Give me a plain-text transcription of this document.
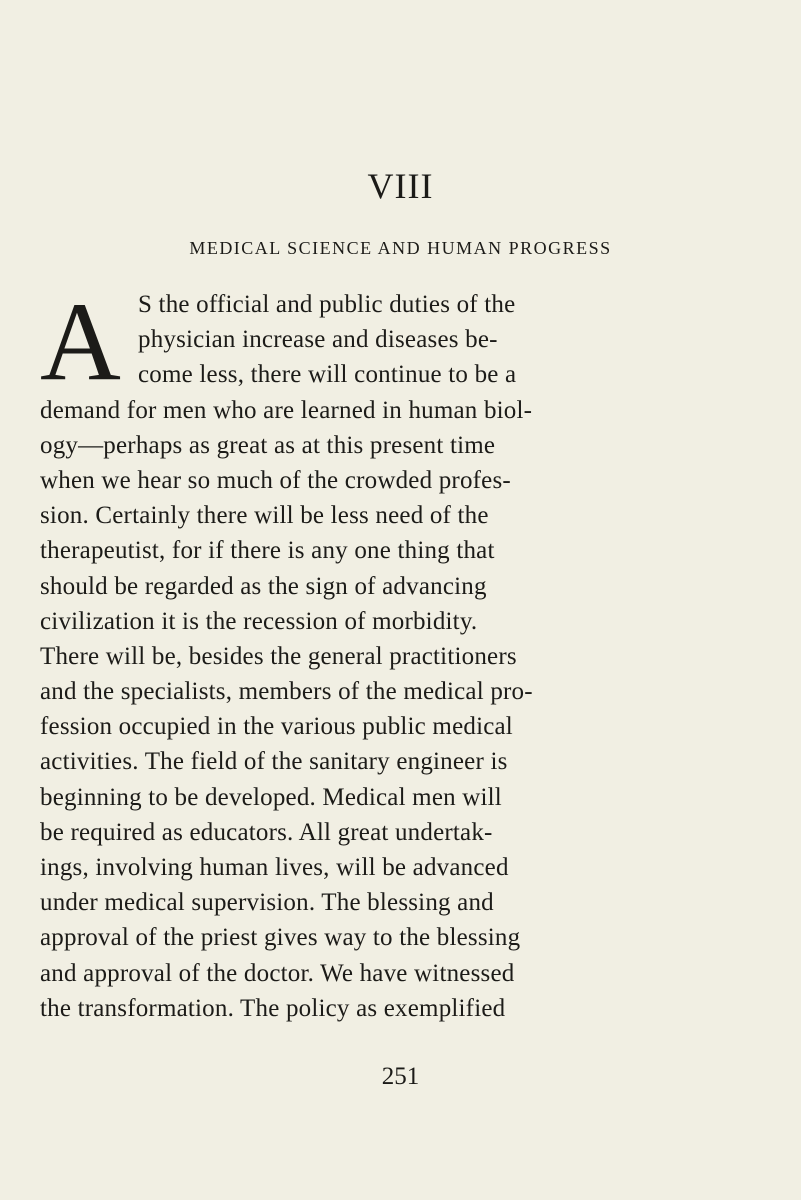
VIII
MEDICAL SCIENCE AND HUMAN PROGRESS
A S the official and public duties of the
physician increase and diseases be-
come less, there will continue to be a
demand for men who are learned in human biol-
ogy—perhaps as great as at this present time
when we hear so much of the crowded profes-
sion. Certainly there will be less need of the
therapeutist, for if there is any one thing that
should be regarded as the sign of advancing
civilization it is the recession of morbidity.
There will be, besides the general practitioners
and the specialists, members of the medical pro-
fession occupied in the various public medical
activities. The field of the sanitary engineer is
beginning to be developed. Medical men will
be required as educators. All great undertak-
ings, involving human lives, will be advanced
under medical supervision. The blessing and
approval of the priest gives way to the blessing
and approval of the doctor. We have witnessed
the transformation. The policy as exemplified
251
